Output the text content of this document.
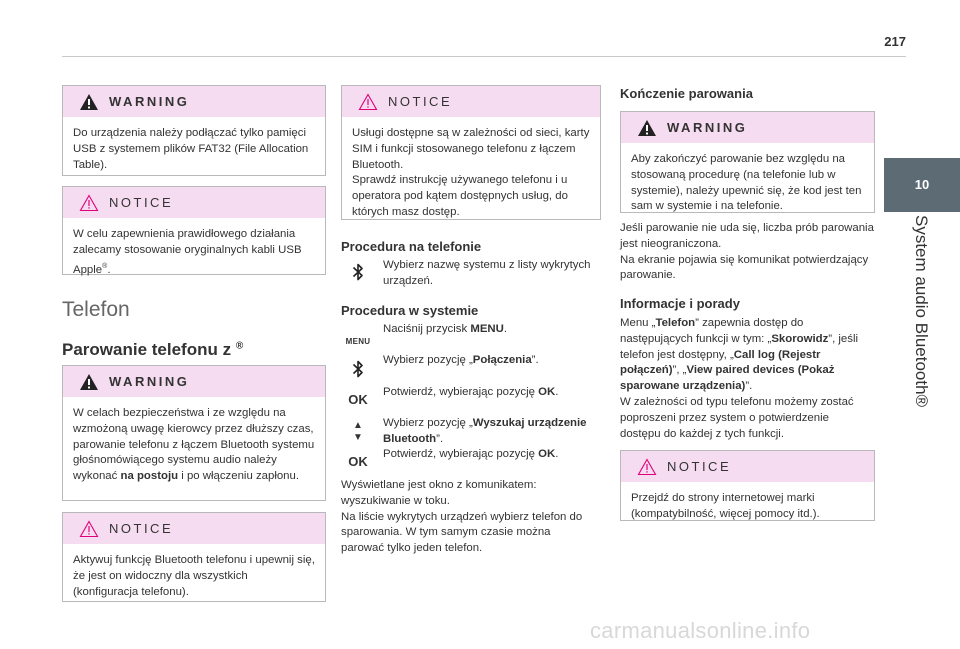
217
10
System audio Bluetooth®
WARNING
Do urządzenia należy podłączać tylko pamięci USB z systemem plików FAT32 (File Allocation Table).
NOTICE
W celu zapewnienia prawidłowego działania zalecamy stosowanie oryginalnych kabli USB Apple®.
Telefon
Parowanie telefonu z ®
WARNING
W celach bezpieczeństwa i ze względu na wzmożoną uwagę kierowcy przez dłuższy czas, parowanie telefonu z łączem Bluetooth systemu głośnomówiącego systemu audio należy wykonać na postoju i po włączeniu zapłonu.
NOTICE
Aktywuj funkcję Bluetooth telefonu i upewnij się, że jest on widoczny dla wszystkich (konfiguracja telefonu).
NOTICE
Usługi dostępne są w zależności od sieci, karty SIM i funkcji stosowanego telefonu z łączem Bluetooth.
Sprawdź instrukcję używanego telefonu i u operatora pod kątem dostępnych usług, do których masz dostęp.
Procedura na telefonie
Wybierz nazwę systemu z listy wykrytych urządzeń.
Procedura w systemie
MENU
Naciśnij przycisk MENU.
Wybierz pozycję „Połączenia”.
OK	Potwierdź, wybierając pozycję OK.
▲
▼
Wybierz pozycję „Wyszukaj urządzenie Bluetooth”.
OK	Potwierdź, wybierając pozycję OK.
Wyświetlane jest okno z komunikatem: wyszukiwanie w toku.
Na liście wykrytych urządzeń wybierz telefon do sparowania. W tym samym czasie można parować tylko jeden telefon.
Kończenie parowania
WARNING
Aby zakończyć parowanie bez względu na stosowaną procedurę (na telefonie lub w systemie), należy upewnić się, że kod jest ten sam w systemie i na telefonie.
Jeśli parowanie nie uda się, liczba prób parowania jest nieograniczona.
Na ekranie pojawia się komunikat potwierdzający parowanie.
Informacje i porady
Menu „Telefon” zapewnia dostęp do następujących funkcji w tym: „Skorowidz”, jeśli telefon jest dostępny, „Call log (Rejestr połączeń)”, „View paired devices (Pokaż sparowane urządzenia)”.
W zależności od typu telefonu możemy zostać poproszeni przez system o potwierdzenie dostępu do każdej z tych funkcji.
NOTICE
Przejdź do strony internetowej marki (kompatybilność, więcej pomocy itd.).
carmanualsonline.info
